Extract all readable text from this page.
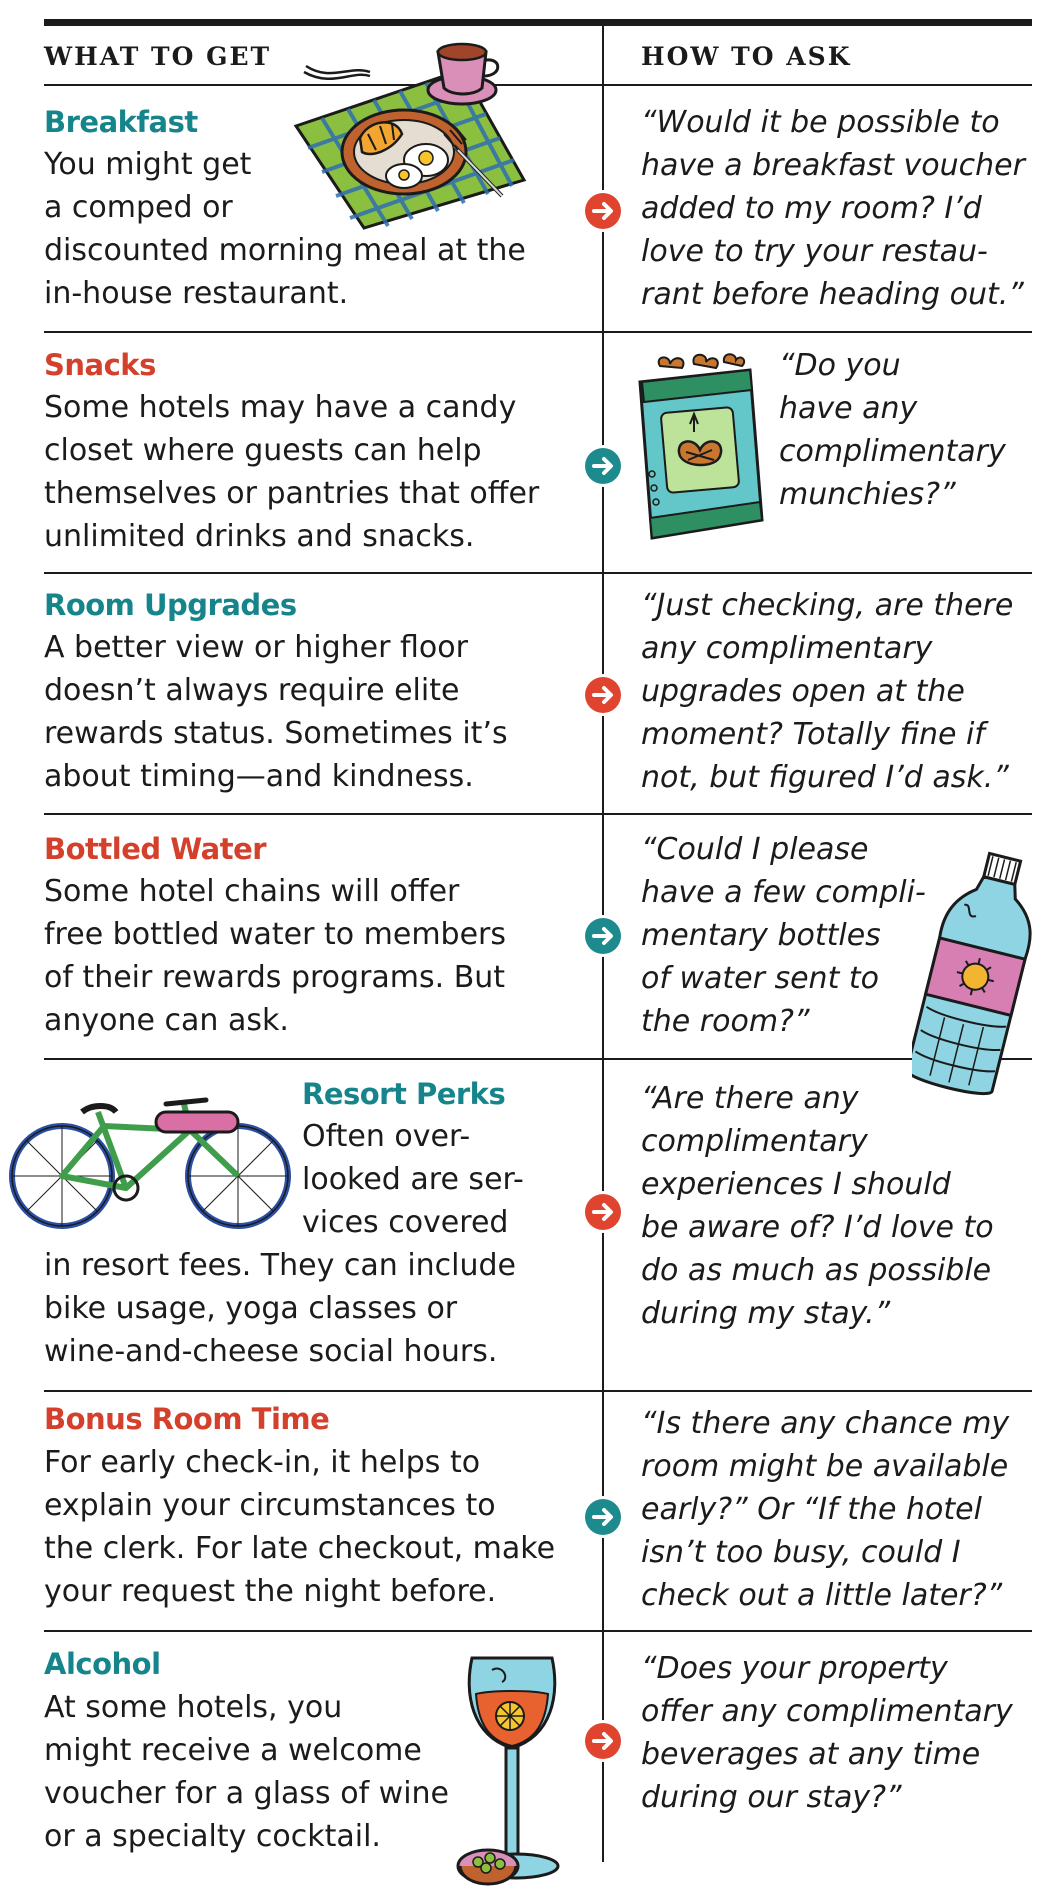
WHAT TO GET	HOW TO ASK
Breakfast
You might get
a comped or
discounted morning meal at the
in-house restaurant.
“Would it be possible to
have a breakfast voucher
added to my room? I’d
love to try your restau-
rant before heading out.”
Snacks
Some hotels may have a candy
closet where guests can help
themselves or pantries that offer
unlimited drinks and snacks.
“Do you
have any
complimentary
munchies?”
Room Upgrades
A better view or higher floor
doesn’t always require elite
rewards status. Sometimes it’s
about timing—and kindness.
“Just checking, are there
any complimentary
upgrades open at the
moment? Totally fine if
not, but figured I’d ask.”
Bottled Water
Some hotel chains will offer
free bottled water to members
of their rewards programs. But
anyone can ask.
“Could I please
have a few compli-
mentary bottles
of water sent to
the room?”
Resort Perks
Often over-
looked are ser-
vices covered
in resort fees. They can include
bike usage, yoga classes or
wine-and-cheese social hours.
“Are there any
complimentary
experiences I should
be aware of? I’d love to
do as much as possible
during my stay.”
Bonus Room Time
For early check-in, it helps to
explain your circumstances to
the clerk. For late checkout, make
your request the night before.
“Is there any chance my
room might be available
early?” Or “If the hotel
isn’t too busy, could I
check out a little later?”
Alcohol
At some hotels, you
might receive a welcome
voucher for a glass of wine
or a specialty cocktail.
“Does your property
offer any complimentary
beverages at any time
during our stay?”
